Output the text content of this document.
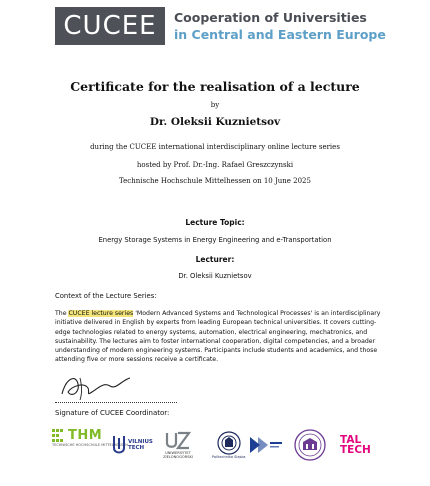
CUCEE	Cooperation of Universities
in Central and Eastern Europe
Certificate for the realisation of a lecture
by
Dr. Oleksii Kuznietsov
during the CUCEE international interdisciplinary online lecture series
hosted by Prof. Dr.-Ing. Rafael Greszczynski
Technische Hochschule Mittelhessen on 10 June 2025
Lecture Topic:
Energy Storage Systems in Energy Engineering and e-Transportation
Lecturer:
Dr. Oleksii Kuznietsov
Context of the Lecture Series:
The CUCEE lecture series 'Modern Advanced Systems and Technological Processes' is an interdisciplinary initiative delivered in English by experts from leading European technical universities. It covers cutting-edge technologies related to energy systems, automation, electrical engineering, mechatronics, and sustainability. The lectures aim to foster international cooperation, digital competencies, and a broader understanding of modern engineering systems. Participants include students and academics, and those attending five or more sessions receive a certificate.
Signature of CUCEE Coordinator:
THM
TECHNISCHE HOCHSCHULE MITTELHESSEN
VILNIUS
TECH
UNIWERSYTET
ZIELONOGÓRSKI	Politechnika Śląska
TAL
TECH
